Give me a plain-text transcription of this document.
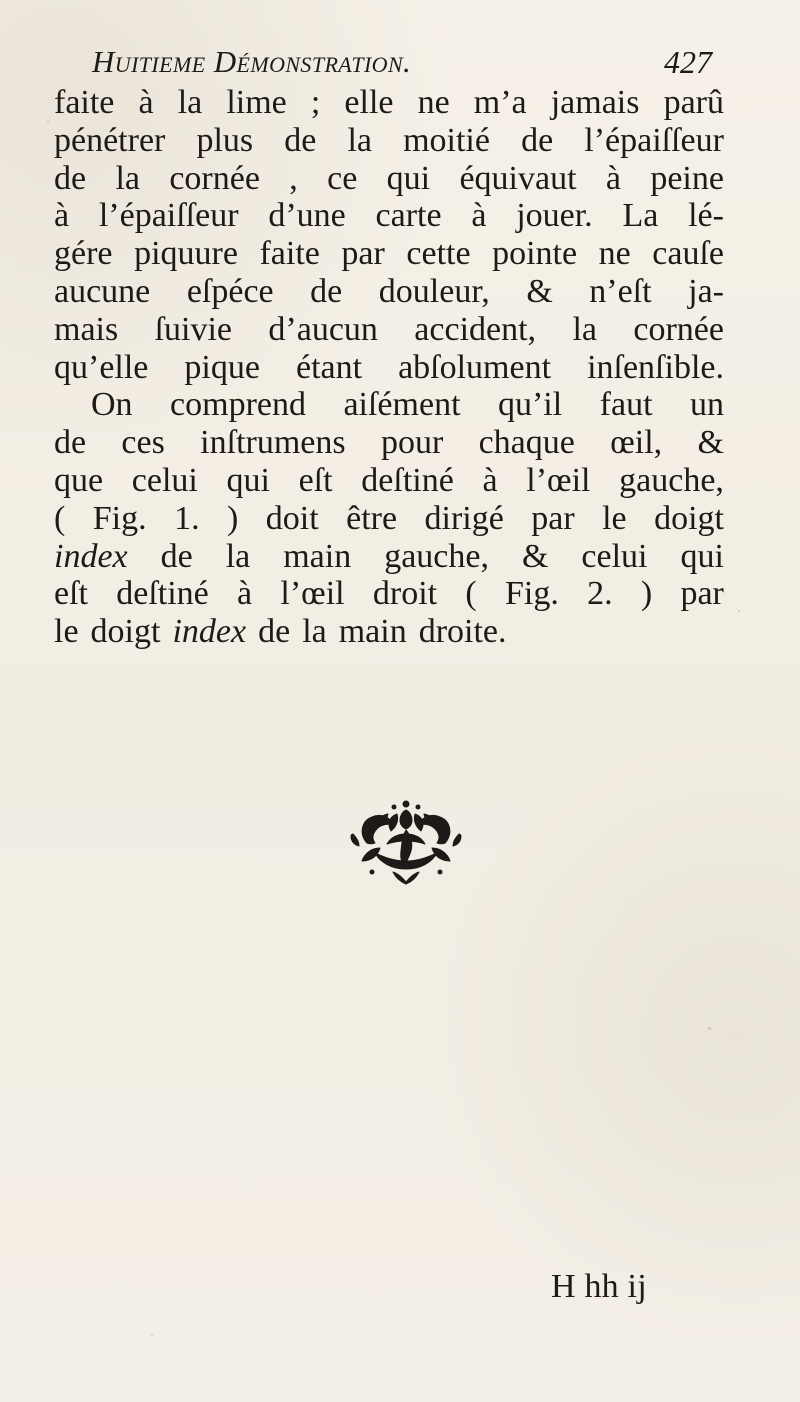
Huitieme Démonstration.	427
faite à la lime ; elle ne m’a jamais parû
pénétrer plus de la moitié de l’épaiſſeur
de la cornée , ce qui équivaut à peine
à l’épaiſſeur d’une carte à jouer. La lé-
gére piquure faite par cette pointe ne cauſe
aucune eſpéce de douleur, & n’eſt ja-
mais ſuivie d’aucun accident, la cornée
qu’elle pique étant abſolument inſenſible.
On comprend aiſément qu’il faut un
de ces inſtrumens pour chaque œil, &
que celui qui eſt deſtiné à l’œil gauche,
( Fig. 1. ) doit être dirigé par le doigt
index de la main gauche, & celui qui
eſt deſtiné à l’œil droit ( Fig. 2. ) par
le doigt index de la main droite.
H hh ij
